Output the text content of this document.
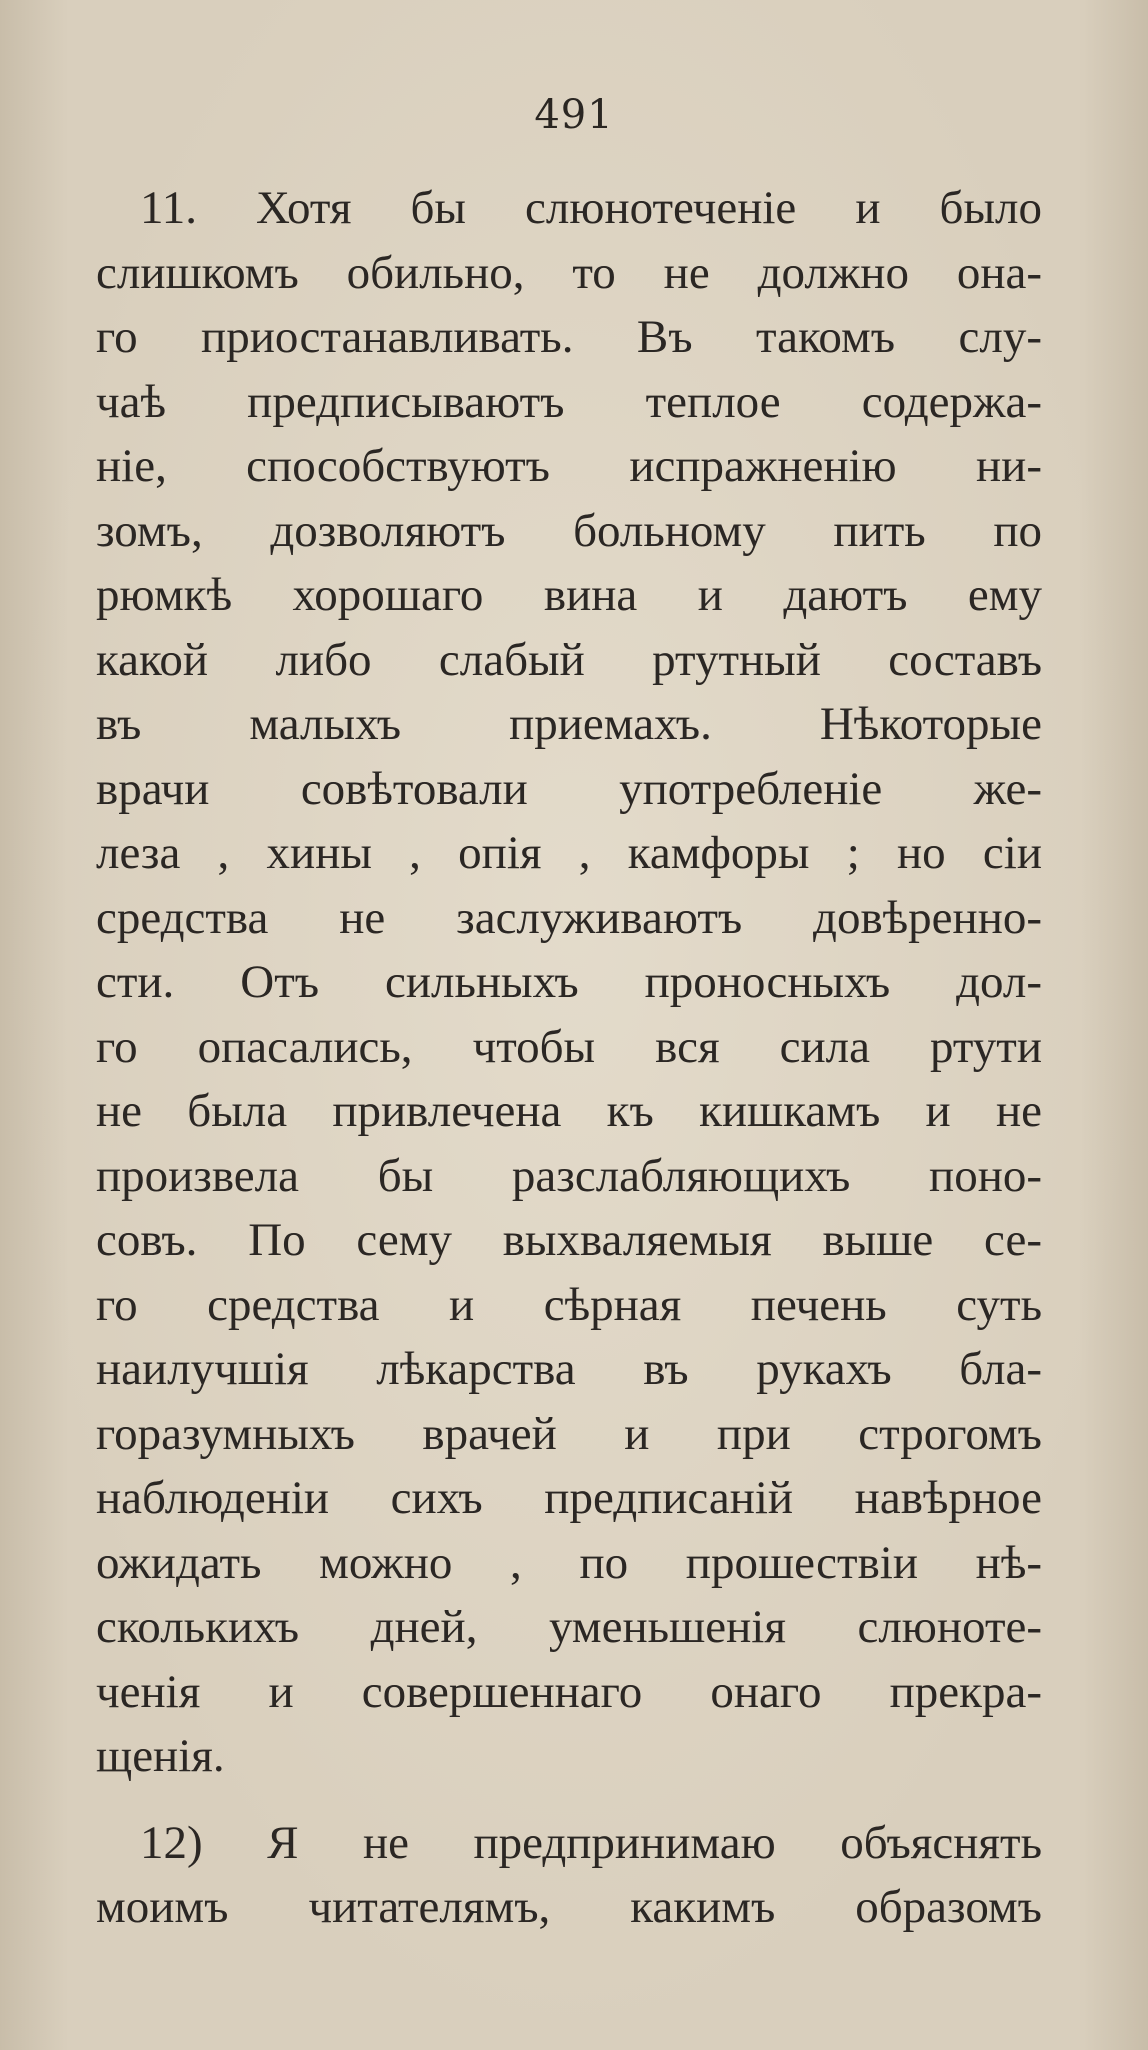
491
11. Хотя бы слюнотеченіе и было
слишкомъ обильно, то не должно она-
го приостанавливать. Въ такомъ слу-
чаѣ предписываютъ теплое содержа-
ніе, способствуютъ испражненію ни-
зомъ, дозволяютъ больному пить по
рюмкѣ хорошаго вина и даютъ ему
какой либо слабый ртутный составъ
въ малыхъ приемахъ. Нѣкоторые
врачи совѣтовали употребленіе же-
леза , хины , опія , камфоры ; но сіи
средства не заслуживаютъ довѣренно-
сти. Отъ сильныхъ проносныхъ дол-
го опасались, чтобы вся сила ртути
не была привлечена къ кишкамъ и не
произвела бы разслабляющихъ поно-
совъ. По сему выхваляемыя выше се-
го средства и сѣрная печень суть
наилучшія лѣкарства въ рукахъ бла-
горазумныхъ врачей и при строгомъ
наблюденіи сихъ предписаній навѣрное
ожидать можно , по прошествіи нѣ-
сколькихъ дней, уменьшенія слюноте-
ченія и совершеннаго онаго прекра-
щенія.
12) Я не предпринимаю объяснять
моимъ читателямъ, какимъ образомъ
